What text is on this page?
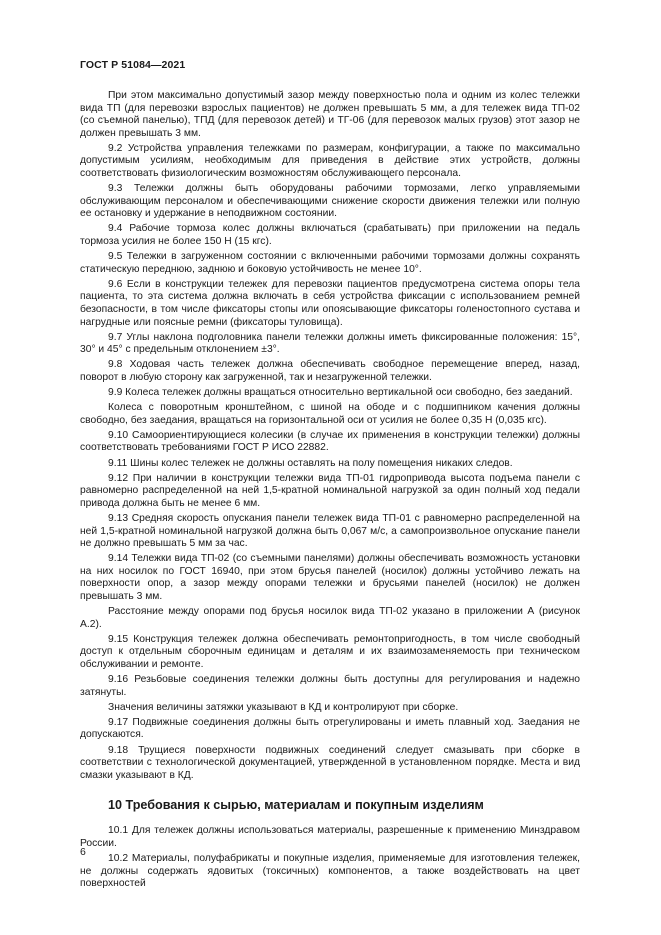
ГОСТ Р 51084—2021

При этом максимально допустимый зазор между поверхностью пола и одним из колес тележки вида ТП (для перевозки взрослых пациентов) не должен превышать 5 мм, а для тележек вида ТП-02 (со съемной панелью), ТПД (для перевозок детей) и ТГ-06 (для перевозок малых грузов) этот зазор не должен превышать 3 мм.

9.2 Устройства управления тележками по размерам, конфигурации, а также по максимально допустимым усилиям, необходимым для приведения в действие этих устройств, должны соответствовать физиологическим возможностям обслуживающего персонала.

9.3 Тележки должны быть оборудованы рабочими тормозами, легко управляемыми обслуживающим персоналом и обеспечивающими снижение скорости движения тележки или полную ее остановку и удержание в неподвижном состоянии.

9.4 Рабочие тормоза колес должны включаться (срабатывать) при приложении на педаль тормоза усилия не более 150 Н (15 кгс).

9.5 Тележки в загруженном состоянии с включенными рабочими тормозами должны сохранять статическую переднюю, заднюю и боковую устойчивость не менее 10°.

9.6 Если в конструкции тележек для перевозки пациентов предусмотрена система опоры тела пациента, то эта система должна включать в себя устройства фиксации с использованием ремней безопасности, в том числе фиксаторы стопы или опоясывающие фиксаторы голеностопного сустава и нагрудные или поясные ремни (фиксаторы туловища).

9.7 Углы наклона подголовника панели тележки должны иметь фиксированные положения: 15°, 30° и 45° с предельным отклонением ±3°.

9.8 Ходовая часть тележек должна обеспечивать свободное перемещение вперед, назад, поворот в любую сторону как загруженной, так и незагруженной тележки.

9.9 Колеса тележек должны вращаться относительно вертикальной оси свободно, без заеданий.

Колеса с поворотным кронштейном, с шиной на ободе и с подшипником качения должны свободно, без заедания, вращаться на горизонтальной оси от усилия не более 0,35 Н (0,035 кгс).

9.10 Самоориентирующиеся колесики (в случае их применения в конструкции тележки) должны соответствовать требованиями ГОСТ Р ИСО 22882.

9.11 Шины колес тележек не должны оставлять на полу помещения никаких следов.

9.12 При наличии в конструкции тележки вида ТП-01 гидропривода высота подъема панели с равномерно распределенной на ней 1,5-кратной номинальной нагрузкой за один полный ход педали привода должна быть не менее 6 мм.

9.13 Средняя скорость опускания панели тележек вида ТП-01 с равномерно распределенной на ней 1,5-кратной номинальной нагрузкой должна быть 0,067 м/с, а самопроизвольное опускание панели не должно превышать 5 мм за час.

9.14 Тележки вида ТП-02 (со съемными панелями) должны обеспечивать возможность установки на них носилок по ГОСТ 16940, при этом брусья панелей (носилок) должны устойчиво лежать на поверхности опор, а зазор между опорами тележки и брусьями панелей (носилок) не должен превышать 3 мм.

Расстояние между опорами под брусья носилок вида ТП-02 указано в приложении А (рисунок А.2).

9.15 Конструкция тележек должна обеспечивать ремонтопригодность, в том числе свободный доступ к отдельным сборочным единицам и деталям и их взаимозаменяемость при техническом обслуживании и ремонте.

9.16 Резьбовые соединения тележки должны быть доступны для регулирования и надежно затянуты.

Значения величины затяжки указывают в КД и контролируют при сборке.

9.17 Подвижные соединения должны быть отрегулированы и иметь плавный ход. Заедания не допускаются.

9.18 Трущиеся поверхности подвижных соединений следует смазывать при сборке в соответствии с технологической документацией, утвержденной в установленном порядке. Места и вид смазки указывают в КД.

10 Требования к сырью, материалам и покупным изделиям

10.1 Для тележек должны использоваться материалы, разрешенные к применению Минздравом России.

10.2 Материалы, полуфабрикаты и покупные изделия, применяемые для изготовления тележек, не должны содержать ядовитых (токсичных) компонентов, а также воздействовать на цвет поверхностей

6
